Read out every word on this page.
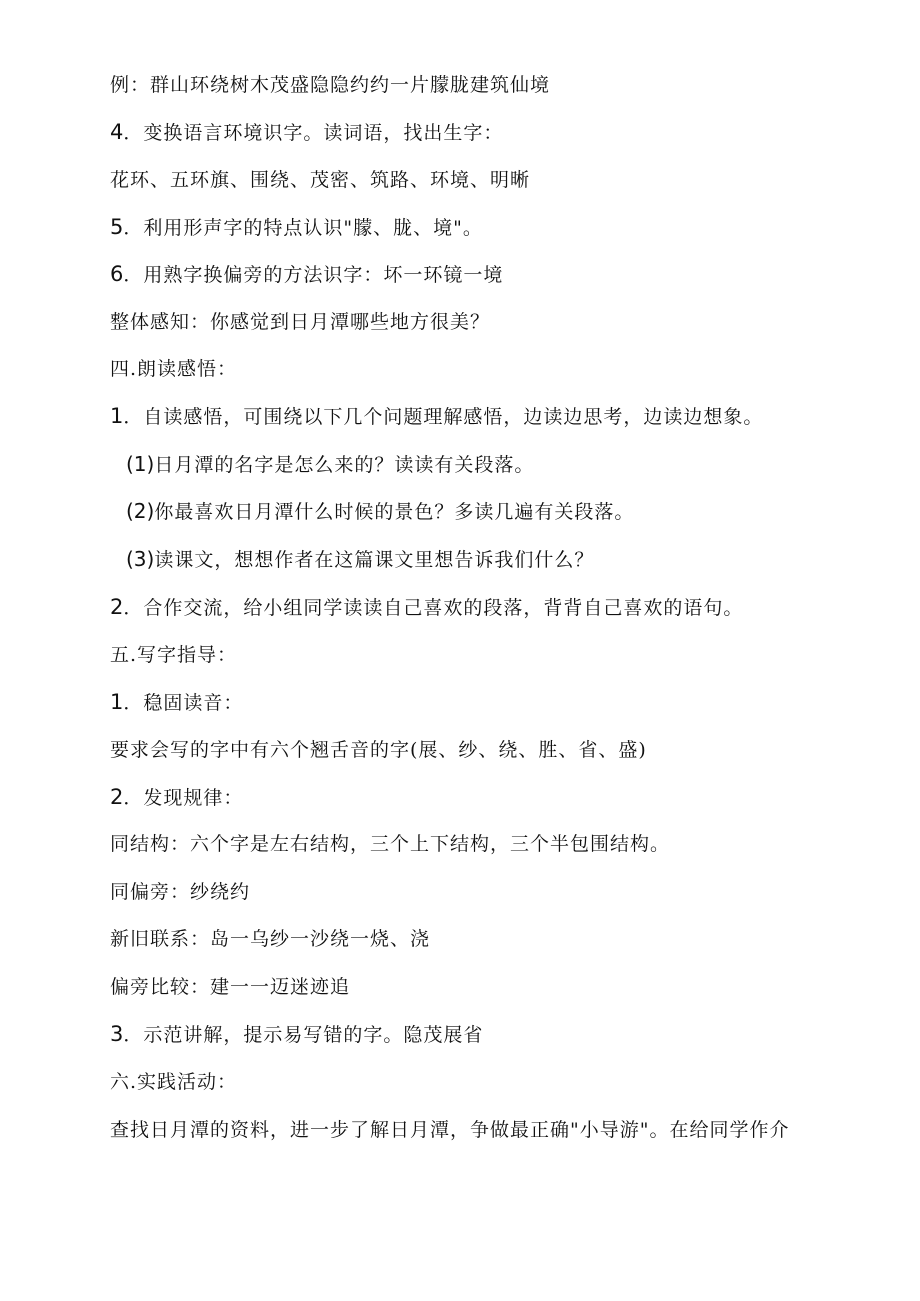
例：群山环绕树木茂盛隐隐约约一片朦胧建筑仙境
4．变换语言环境识字。读词语，找出生字：
花环、五环旗、围绕、茂密、筑路、环境、明晰
5．利用形声字的特点认识"朦、胧、境"。
6．用熟字换偏旁的方法识字：坏一环镜一境
整体感知：你感觉到日月潭哪些地方很美？
四.朗读感悟：
1．自读感悟，可围绕以下几个问题理解感悟，边读边思考，边读边想象。
(1)日月潭的名字是怎么来的？读读有关段落。
(2)你最喜欢日月潭什么时候的景色？多读几遍有关段落。
(3)读课文，想想作者在这篇课文里想告诉我们什么？
2．合作交流，给小组同学读读自己喜欢的段落，背背自己喜欢的语句。
五.写字指导：
1．稳固读音：
要求会写的字中有六个翘舌音的字(展、纱、绕、胜、省、盛)
2．发现规律：
同结构：六个字是左右结构，三个上下结构，三个半包围结构。
同偏旁：纱绕约
新旧联系：岛一乌纱一沙绕一烧、浇
偏旁比较：建一一迈迷迹追
3．示范讲解，提示易写错的字。隐茂展省
六.实践活动：
查找日月潭的资料，进一步了解日月潭，争做最正确"小导游"。在给同学作介
